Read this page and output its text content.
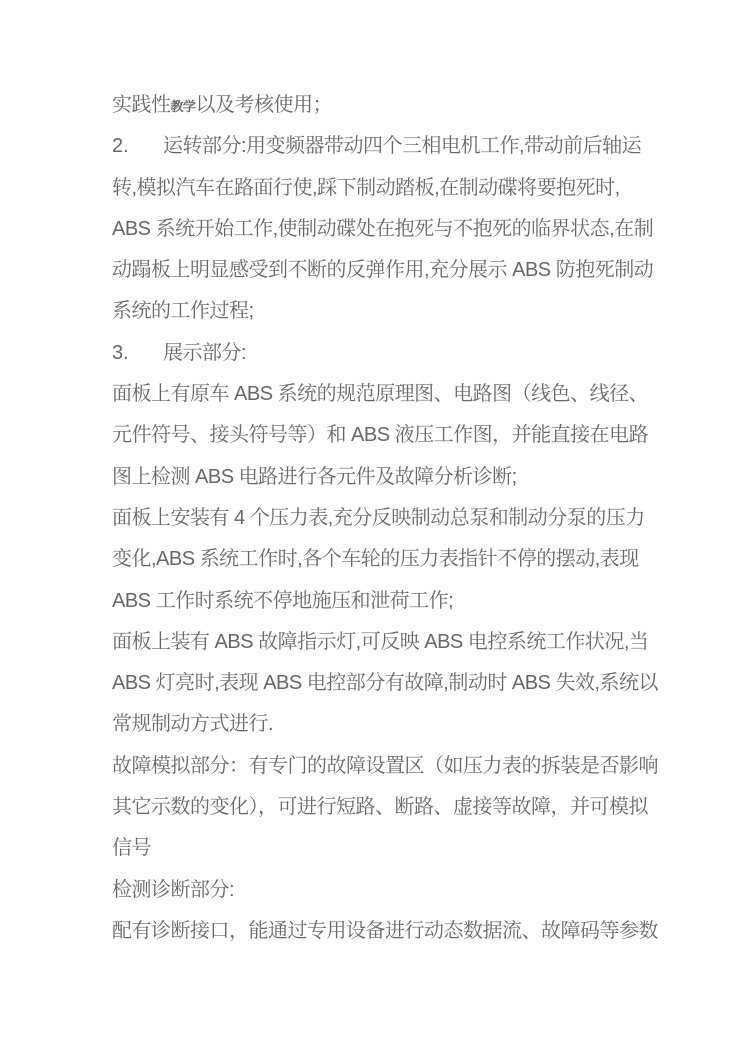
实践性教学以及考核使用；
2. 运转部分:用变频器带动四个三相电机工作,带动前后轴运
转,模拟汽车在路面行使,踩下制动踏板,在制动碟将要抱死时,
ABS 系统开始工作,使制动碟处在抱死与不抱死的临界状态,在制
动蹋板上明显感受到不断的反弹作用,充分展示 ABS 防抱死制动
系统的工作过程;
3. 展示部分:
面板上有原车 ABS 系统的规范原理图、电路图（线色、线径、
元件符号、接头符号等）和 ABS 液压工作图，并能直接在电路
图上检测 ABS 电路进行各元件及故障分析诊断;
面板上安装有 4 个压力表,充分反映制动总泵和制动分泵的压力
变化,ABS 系统工作时,各个车轮的压力表指针不停的摆动,表现
ABS 工作时系统不停地施压和泄荷工作;
面板上装有 ABS 故障指示灯,可反映 ABS 电控系统工作状况,当
ABS 灯亮时,表现 ABS 电控部分有故障,制动时 ABS 失效,系统以
常规制动方式进行.
故障模拟部分：有专门的故障设置区（如压力表的拆装是否影响
其它示数的变化），可进行短路、断路、虚接等故障，并可模拟
信号
检测诊断部分:
配有诊断接口，能通过专用设备进行动态数据流、故障码等参数
